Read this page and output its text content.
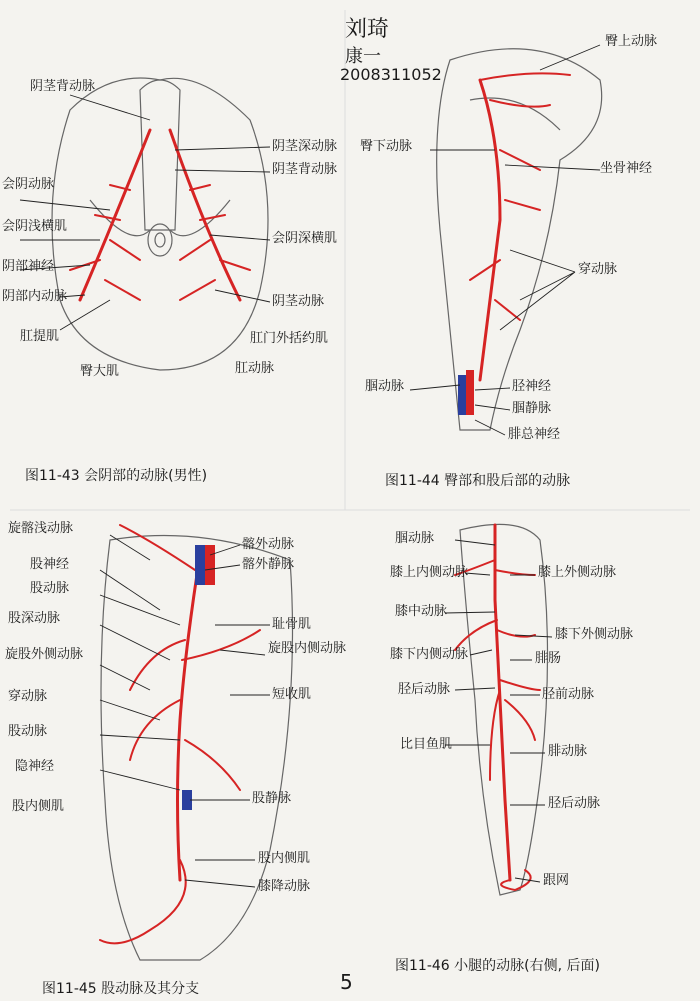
刘琦
康一
2008311052
阴茎背动脉
阴茎深动脉
阴茎背动脉
会阴动脉
会阴浅横肌
阴部神经
阴部内动脉
肛提肌
臀大肌
会阴深横肌
阴茎动脉
肛门外括约肌
肛动脉
图11-43 会阴部的动脉(男性)
臀上动脉
臀下动脉
坐骨神经
穿动脉
腘动脉	胫神经
腘静脉
腓总神经
图11-44 臀部和股后部的动脉
旋髂浅动脉
股神经
股动脉
股深动脉
旋股外侧动脉
穿动脉
股动脉
隐神经
股内侧肌
髂外动脉
髂外静脉
耻骨肌
旋股内侧动脉
短收肌
股静脉
股内侧肌
膝降动脉
图11-45 股动脉及其分支
腘动脉
膝上内侧动脉
膝中动脉
膝下内侧动脉
胫后动脉
比目鱼肌
膝上外侧动脉
膝下外侧动脉
腓肠
胫前动脉
腓动脉
胫后动脉
跟网
图11-46 小腿的动脉(右侧, 后面)
5
